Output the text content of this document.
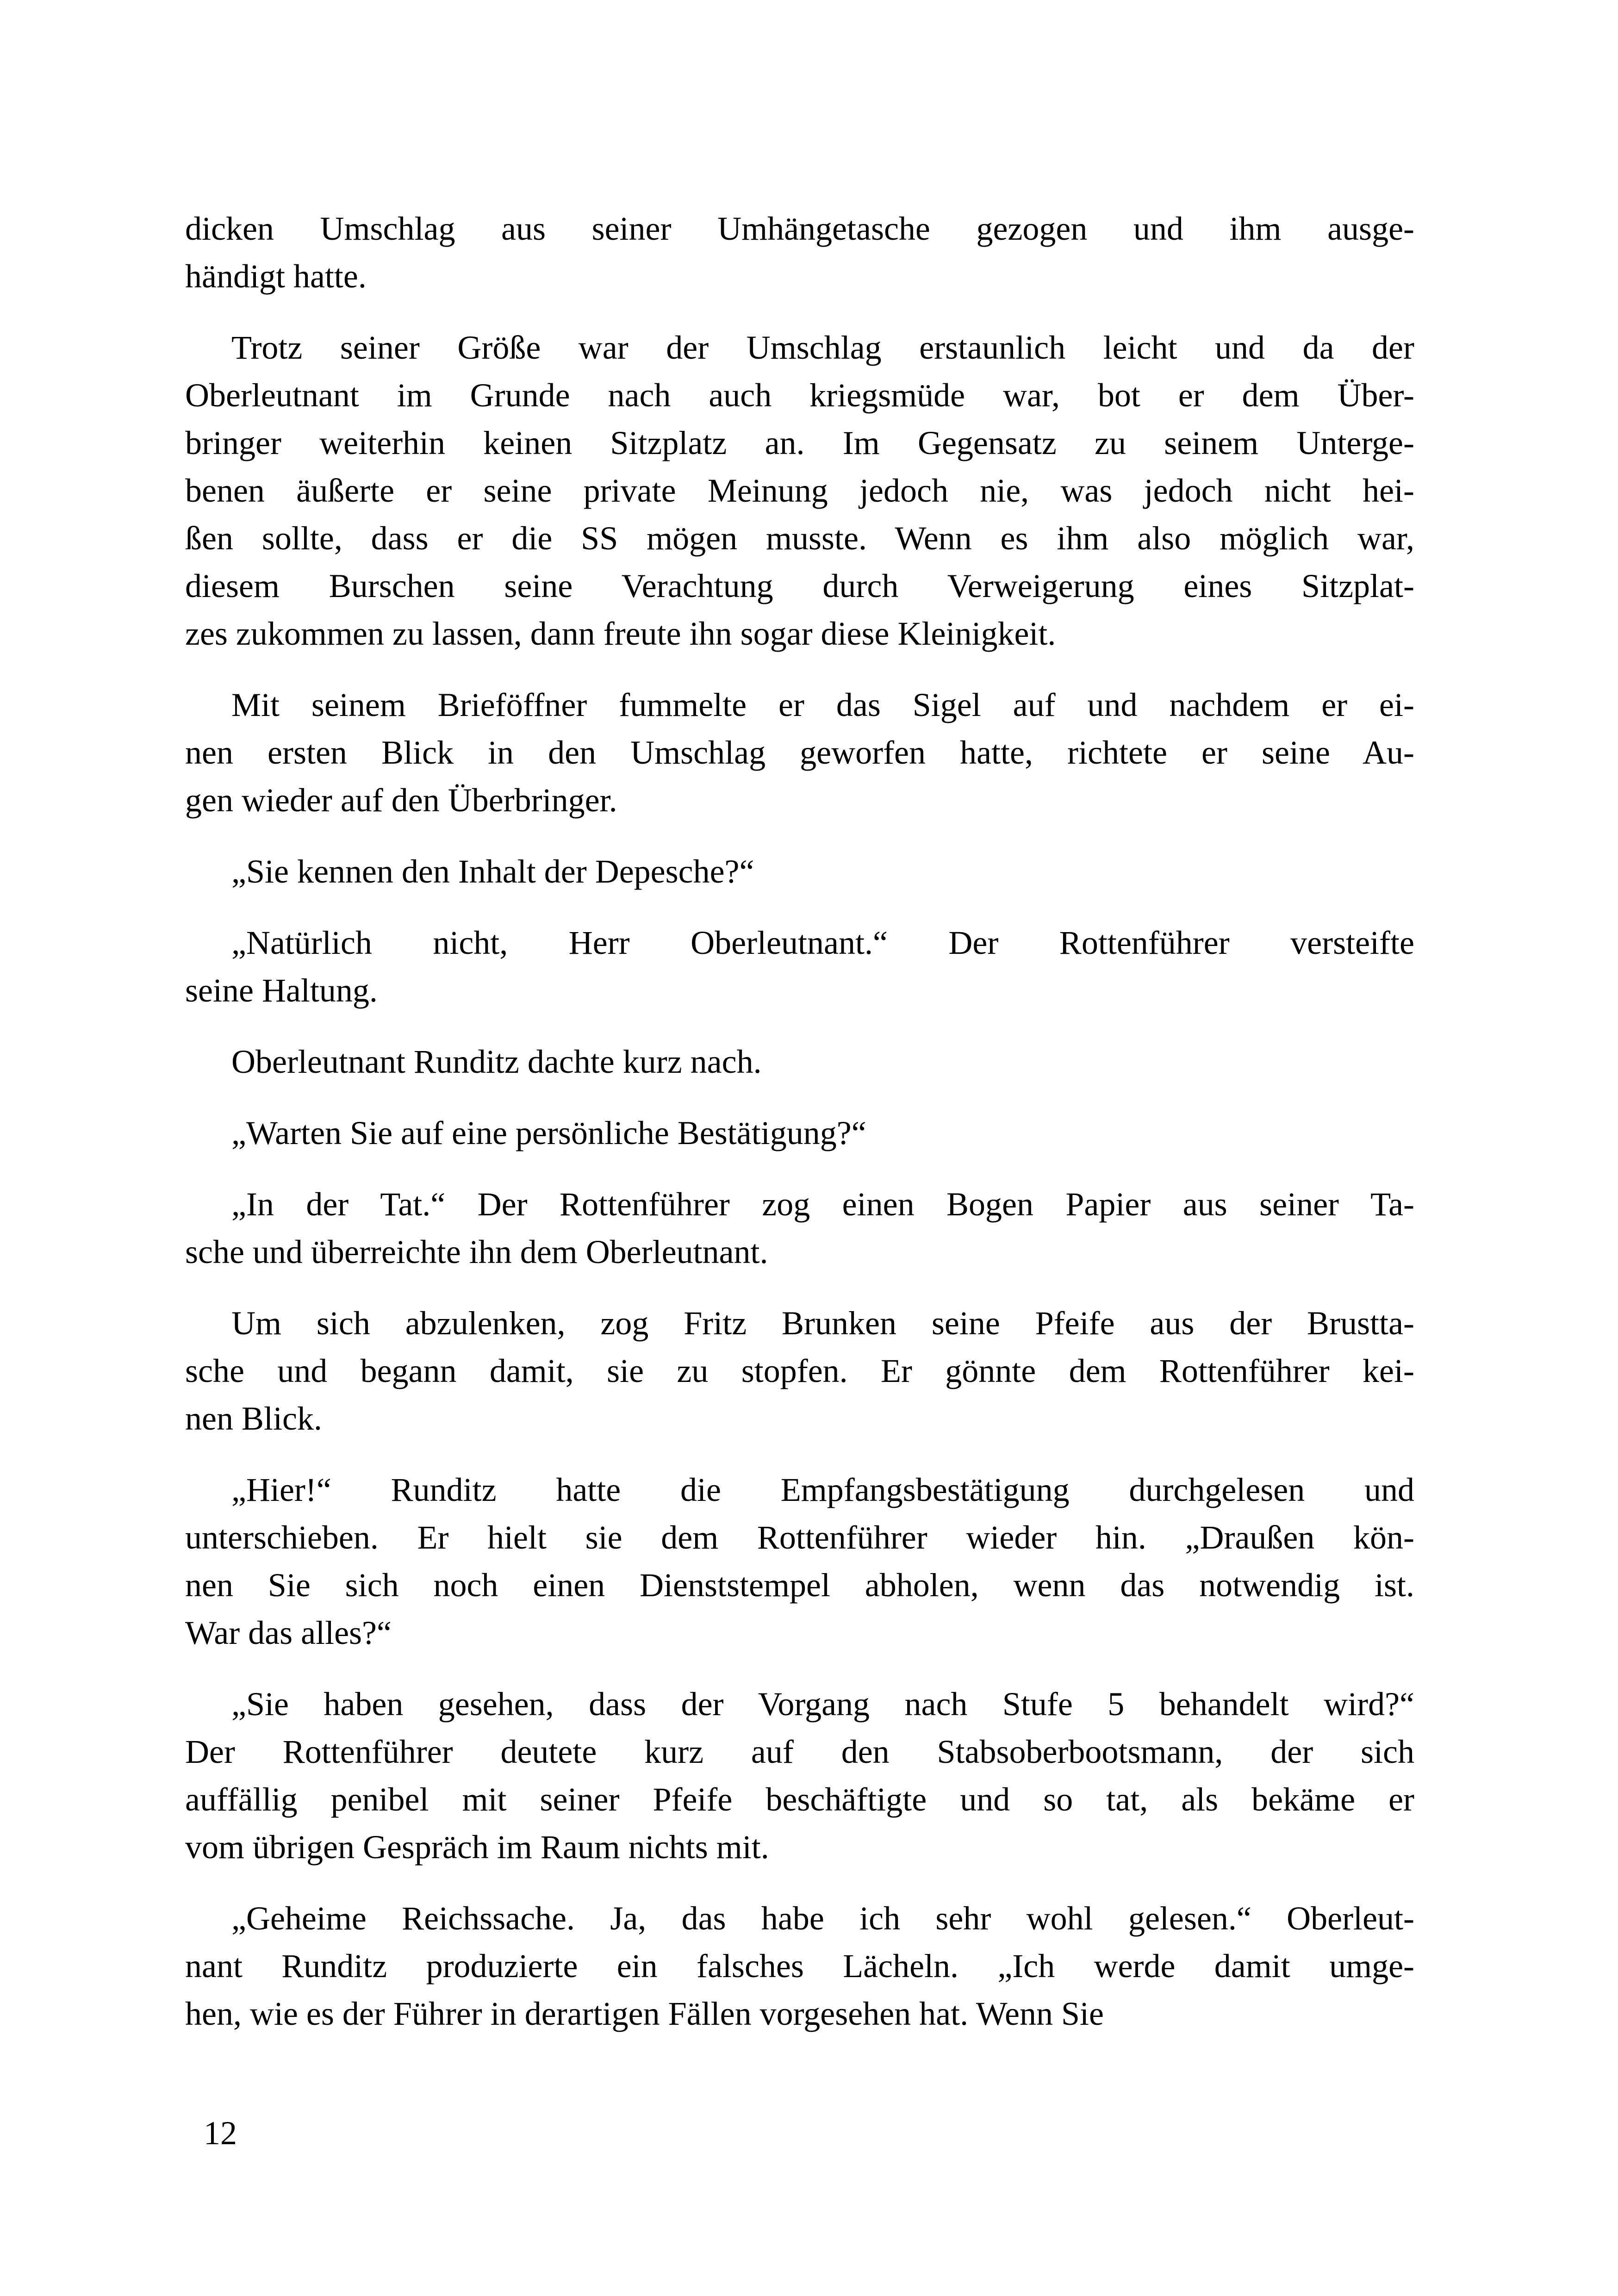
dicken Umschlag aus seiner Umhängetasche gezogen und ihm ausge-
händigt hatte.
Trotz seiner Größe war der Umschlag erstaunlich leicht und da der
Oberleutnant im Grunde nach auch kriegsmüde war, bot er dem Über-
bringer weiterhin keinen Sitzplatz an. Im Gegensatz zu seinem Unterge-
benen äußerte er seine private Meinung jedoch nie, was jedoch nicht hei-
ßen sollte, dass er die SS mögen musste. Wenn es ihm also möglich war,
diesem Burschen seine Verachtung durch Verweigerung eines Sitzplat-
zes zukommen zu lassen, dann freute ihn sogar diese Kleinigkeit.
Mit seinem Brieföffner fummelte er das Sigel auf und nachdem er ei-
nen ersten Blick in den Umschlag geworfen hatte, richtete er seine Au-
gen wieder auf den Überbringer.
„Sie kennen den Inhalt der Depesche?“
„Natürlich nicht, Herr Oberleutnant.“ Der Rottenführer versteifte
seine Haltung.
Oberleutnant Runditz dachte kurz nach.
„Warten Sie auf eine persönliche Bestätigung?“
„In der Tat.“ Der Rottenführer zog einen Bogen Papier aus seiner Ta-
sche und überreichte ihn dem Oberleutnant.
Um sich abzulenken, zog Fritz Brunken seine Pfeife aus der Brustta-
sche und begann damit, sie zu stopfen. Er gönnte dem Rottenführer kei-
nen Blick.
„Hier!“ Runditz hatte die Empfangsbestätigung durchgelesen und
unterschieben. Er hielt sie dem Rottenführer wieder hin. „Draußen kön-
nen Sie sich noch einen Dienststempel abholen, wenn das notwendig ist.
War das alles?“
„Sie haben gesehen, dass der Vorgang nach Stufe 5 behandelt wird?“
Der Rottenführer deutete kurz auf den Stabsoberbootsmann, der sich
auffällig penibel mit seiner Pfeife beschäftigte und so tat, als bekäme er
vom übrigen Gespräch im Raum nichts mit.
„Geheime Reichssache. Ja, das habe ich sehr wohl gelesen.“ Oberleut-
nant Runditz produzierte ein falsches Lächeln. „Ich werde damit umge-
hen, wie es der Führer in derartigen Fällen vorgesehen hat. Wenn Sie
12
